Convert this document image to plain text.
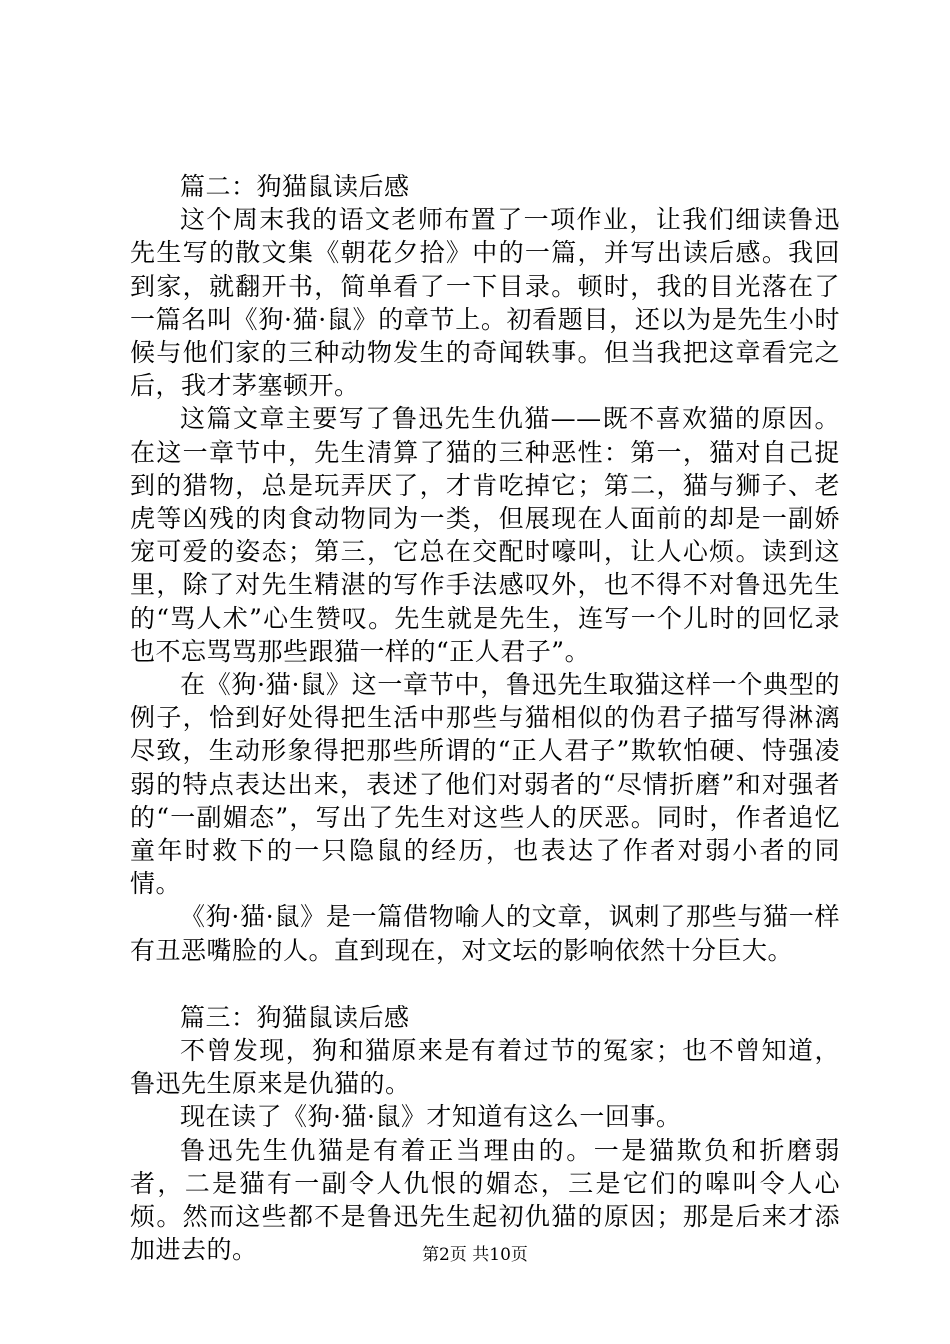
篇二：狗猫鼠读后感

这个周末我的语文老师布置了一项作业，让我们细读鲁迅先生写的散文集《朝花夕拾》中的一篇，并写出读后感。我回到家，就翻开书，简单看了一下目录。顿时，我的目光落在了一篇名叫《狗·猫·鼠》的章节上。初看题目，还以为是先生小时候与他们家的三种动物发生的奇闻轶事。但当我把这章看完之后，我才茅塞顿开。

这篇文章主要写了鲁迅先生仇猫——既不喜欢猫的原因。在这一章节中，先生清算了猫的三种恶性：第一，猫对自己捉到的猎物，总是玩弄厌了，才肯吃掉它；第二，猫与狮子、老虎等凶残的肉食动物同为一类，但展现在人面前的却是一副娇宠可爱的姿态；第三，它总在交配时嚎叫，让人心烦。读到这里，除了对先生精湛的写作手法感叹外，也不得不对鲁迅先生的“骂人术”心生赞叹。先生就是先生，连写一个儿时的回忆录也不忘骂骂那些跟猫一样的“正人君子”。

在《狗·猫·鼠》这一章节中，鲁迅先生取猫这样一个典型的例子，恰到好处得把生活中那些与猫相似的伪君子描写得淋漓尽致，生动形象得把那些所谓的“正人君子”欺软怕硬、恃强凌弱的特点表达出来，表述了他们对弱者的“尽情折磨”和对强者的“一副媚态”，写出了先生对这些人的厌恶。同时，作者追忆童年时救下的一只隐鼠的经历，也表达了作者对弱小者的同情。

《狗·猫·鼠》是一篇借物喻人的文章，讽刺了那些与猫一样有丑恶嘴脸的人。直到现在，对文坛的影响依然十分巨大。

篇三：狗猫鼠读后感

不曾发现，狗和猫原来是有着过节的冤家；也不曾知道，鲁迅先生原来是仇猫的。

现在读了《狗·猫·鼠》才知道有这么一回事。

鲁迅先生仇猫是有着正当理由的。一是猫欺负和折磨弱者，二是猫有一副令人仇恨的媚态，三是它们的嗥叫令人心烦。然而这些都不是鲁迅先生起初仇猫的原因；那是后来才添加进去的。	第2页 共10页
